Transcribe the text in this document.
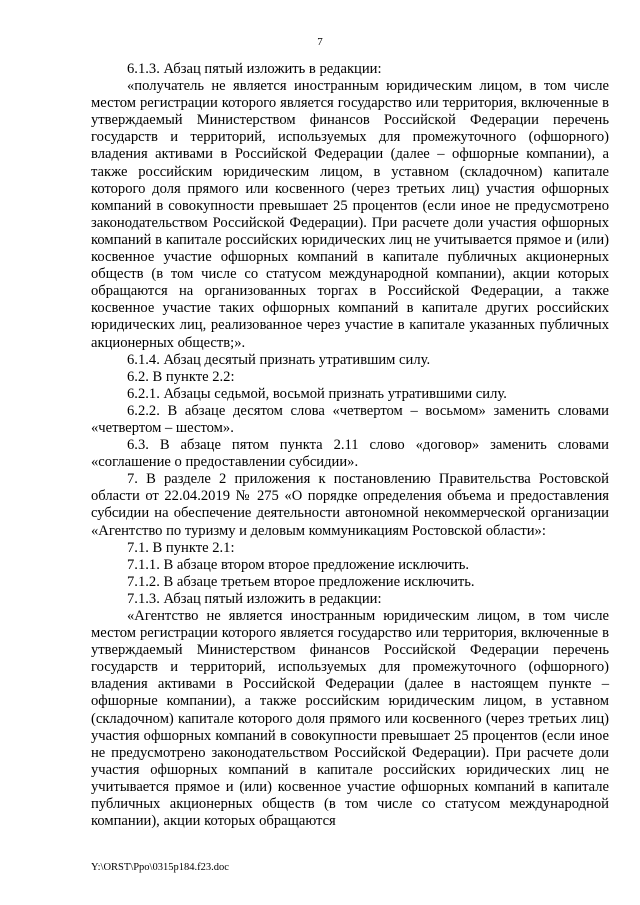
7

6.1.3. Абзац пятый изложить в редакции:

«получатель не является иностранным юридическим лицом, в том числе местом регистрации которого является государство или территория, включенные в утверждаемый Министерством финансов Российской Федерации перечень государств и территорий, используемых для промежуточного (офшорного) владения активами в Российской Федерации (далее – офшорные компании), а также российским юридическим лицом, в уставном (складочном) капитале которого доля прямого или косвенного (через третьих лиц) участия офшорных компаний в совокупности превышает 25 процентов (если иное не предусмотрено законодательством Российской Федерации). При расчете доли участия офшорных компаний в капитале российских юридических лиц не учитывается прямое и (или) косвенное участие офшорных компаний в капитале публичных акционерных обществ (в том числе со статусом международной компании), акции которых обращаются на организованных торгах в Российской Федерации, а также косвенное участие таких офшорных компаний в капитале других российских юридических лиц, реализованное через участие в капитале указанных публичных акционерных обществ;».

6.1.4. Абзац десятый признать утратившим силу.

6.2. В пункте 2.2:

6.2.1. Абзацы седьмой, восьмой признать утратившими силу.

6.2.2. В абзаце десятом слова «четвертом – восьмом» заменить словами «четвертом – шестом».

6.3. В абзаце пятом пункта 2.11 слово «договор» заменить словами «соглашение о предоставлении субсидии».

7. В разделе 2 приложения к постановлению Правительства Ростовской области от 22.04.2019 № 275 «О порядке определения объема и предоставления субсидии на обеспечение деятельности автономной некоммерческой организации «Агентство по туризму и деловым коммуникациям Ростовской области»:

7.1. В пункте 2.1:

7.1.1. В абзаце втором второе предложение исключить.

7.1.2. В абзаце третьем второе предложение исключить.

7.1.3. Абзац пятый изложить в редакции:

«Агентство не является иностранным юридическим лицом, в том числе местом регистрации которого является государство или территория, включенные в утверждаемый Министерством финансов Российской Федерации перечень государств и территорий, используемых для промежуточного (офшорного) владения активами в Российской Федерации (далее в настоящем пункте – офшорные компании), а также российским юридическим лицом, в уставном (складочном) капитале которого доля прямого или косвенного (через третьих лиц) участия офшорных компаний в совокупности превышает 25 процентов (если иное не предусмотрено законодательством Российской Федерации). При расчете доли участия офшорных компаний в капитале российских юридических лиц не учитывается прямое и (или) косвенное участие офшорных компаний в капитале публичных акционерных обществ (в том числе со статусом международной компании), акции которых обращаются

Y:\ORST\Ppo\0315p184.f23.doc
